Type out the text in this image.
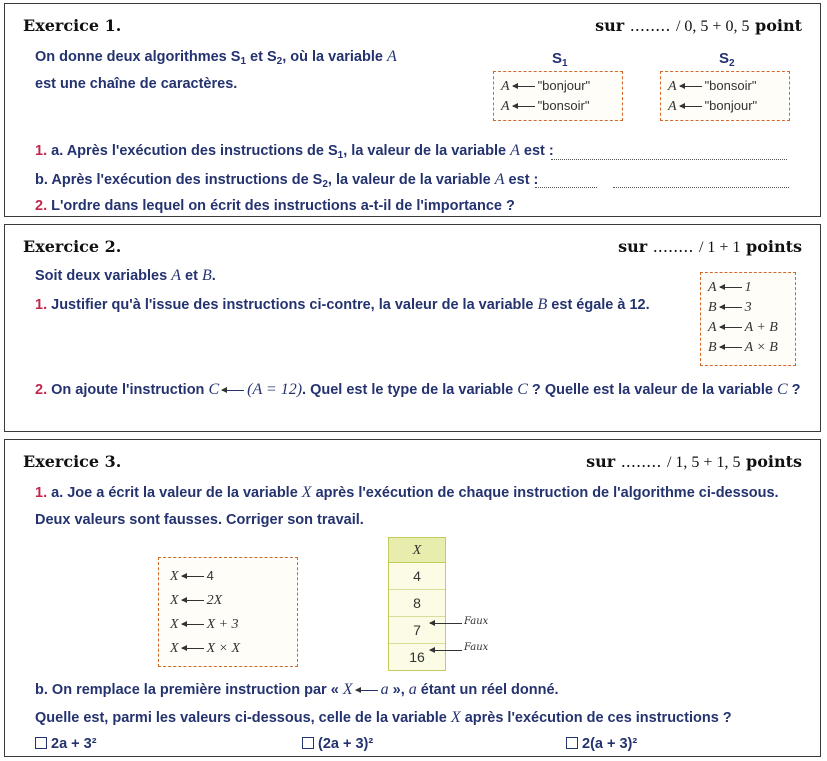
Exercice 1.	sur ........ / 0, 5 + 0, 5 point
On donne deux algorithmes $S_1$ et $S_2$, où la variable A
est une chaîne de caractères.
$S_1$	$S_2$
A "bonjour"
A "bonsoir"
A "bonsoir"
A "bonjour"
1. a. Après l'exécution des instructions de $S_1$, la valeur de la variable A est :
b. Après l'exécution des instructions de $S_2$, la valeur de la variable A est :
2. L'ordre dans lequel on écrit des instructions a-t-il de l'importance ?
Exercice 2.	sur ........ / 1 + 1 points
Soit deux variables A et B.
1. Justifier qu'à l'issue des instructions ci-contre, la valeur de la variable B est égale à 12.
A 1
B 3
A A + B
B A × B
2. On ajoute l'instruction C (A = 12). Quel est le type de la variable C ? Quelle est la valeur de la variable C ?
Exercice 3.	sur ........ / 1, 5 + 1, 5 points
1. a. Joe a écrit la valeur de la variable X après l'exécution de chaque instruction de l'algorithme ci-dessous.
Deux valeurs sont fausses. Corriger son travail.
X 4
X 2X
X X + 3
X X × X
X
4
8
7
16
Faux
Faux
b. On remplace la première instruction par « X a », a étant un réel donné.
Quelle est, parmi les valeurs ci-dessous, celle de la variable X après l'exécution de ces instructions ?
2a + 3²	(2a + 3)²	2(a + 3)²
